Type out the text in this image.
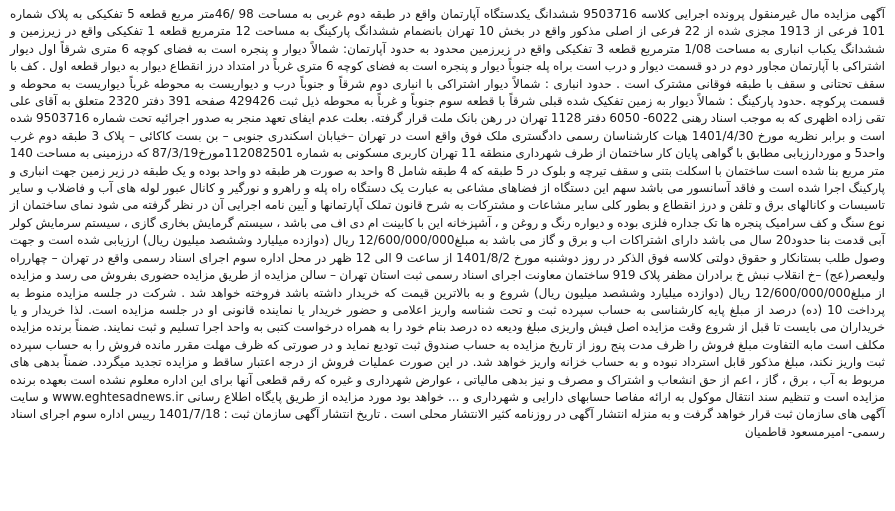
آگهی مزایده مال غیرمنقول پرونده اجرایی کلاسه 9503716 ششدانگ یکدستگاه آپارتمان واقع در طبقه دوم غربی به مساحت 98 /46متر مربع قطعه 5 تفکیکی به پلاک شماره 101 فرعی از 1913 مجزی شده از 22 فرعی از اصلی مذکور واقع در بخش 10 تهران بانضمام ششدانگ پارکینگ به مساحت 12 مترمربع قطعه 1 تفکیکی واقع در زیرزمین و ششدانگ یکباب انباری به مساحت 1/08 مترمربع قطعه 3 تفکیکی واقع در زیرزمین محدود به حدود آپارتمان: شمالاً دیوار و پنجره است به فضای کوچه 6 متری شرقاً اول دیوار اشتراکی با آپارتمان مجاور دوم در دو قسمت دیوار و درب است براه پله جنوباً دیوار و پنجره است به فضای کوچه 6 متری غرباً در امتداد درز انقطاع دیوار به دیوار قطعه اول . کف با سقف تحتانی و سقف با طبقه فوقانی مشترک است . حدود انباری : شمالاً دیوار اشتراکی با انباری دوم شرقاً و جنوباً درب و دیواریست به محوطه غرباً دیواریست به محوطه و قسمت پرکوچه .حدود پارکینگ : شمالاً دیوار به زمین تفکیک شده قبلی شرقاً با قطعه سوم جنوباً و غرباً به محوطه ذیل ثبت 429426 صفحه 391 دفتر 2320 متعلق به آقای علی تقی زاده اظهری که به موجب اسناد رهنی 6022- 6050 دفتر 1128 تهران در رهن بانک ملت قرار گرفته. بعلت عدم ایفای تعهد منجر به صدور اجرائیه تحت شماره 9503716 شده است و برابر نظریه مورخ 1401/4/30 هیات کارشناسان رسمی دادگستری ملک فوق واقع است در تهران –خیابان اسکندری جنوبی – بن بست کاکائی – پلاک 3 طبقه دوم غرب واحد5 و موردارزیابی مطابق با گواهی پایان کار ساختمان از طرف شهرداری منطقه 11 تهران کاربری مسکونی به شماره 112082501مورخ87/3/19 که درزمینی به مساحت 140 متر مربع بنا شده است ساختمان با اسکلت بتنی و سقف تیرچه و بلوک در 5 طبقه که 4 طبقه شامل 8 واحد به صورت هر طبقه دو واحد بوده و یک طبقه در زیر زمین جهت انباری و پارکینگ اجرا شده است و فاقد آسانسور می باشد سهم این دستگاه از فضاهای مشاعی به عبارت یک دستگاه راه پله و راهرو و نورگیر و کانال عبور لوله های آب و فاضلاب و سایر تاسیسات و کانالهای برق و تلفن و درز انقطاع و بطور کلی سایر مشاعات و مشترکات به شرح قانون تملک آپارتمانها و آیین نامه اجرایی آن در نظر گرفته می شود نمای ساختمان از نوع سنگ و کف سرامیک پنجره ها تک جداره فلزی بوده و دیواره رنگ و روغن و ، آشپزخانه این با کابینت ام دی اف می باشد ، سیستم گرمایش بخاری گازی ، سیستم سرمایش کولر آبی قدمت بنا حدود20 سال می باشد دارای اشتراکات اب و برق و گاز می باشد به مبلغ12/600/000/000 ریال (دوازده میلیارد وششصد میلیون ریال) ارزیابی شده است و جهت وصول طلب بستانکار و حقوق دولتی کلاسه فوق الذکر در روز دوشنبه مورخ 1401/8/2 از ساعت 9 الی 12 ظهر در محل اداره سوم اجرای اسناد رسمی واقع در تهران – چهارراه ولیعصر(عج) –خ انقلاب نبش خ برادران مظفر پلاک 919 ساختمان معاونت اجرای اسناد رسمی ثبت استان تهران – سالن مزایده از طریق مزایده حضوری بفروش می رسد و مزایده از مبلغ12/600/000/000 ریال (دوازده میلیارد وششصد میلیون ریال) شروع و به بالاترین قیمت که خریدار داشته باشد فروخته خواهد شد . شرکت در جلسه مزایده منوط به پرداخت 10 (ده) درصد از مبلغ پایه کارشناسی به حساب سپرده ثبت و تحت شناسه واریز اعلامی و حضور خریدار یا نماینده قانونی او در جلسه مزایده است. لذا خریدار و یا خریداران می بایست تا قبل از شروع وقت مزایده اصل فیش واریزی مبلغ ودیعه ده درصد بنام خود را به همراه درخواست کتبی به واحد اجرا تسلیم و ثبت نمایند. ضمناً برنده مزایده مکلف است مابه التفاوت مبلغ فروش را ظرف مدت پنج روز از تاریخ مزایده به حساب صندوق ثبت تودیع نماید و در صورتی که ظرف مهلت مقرر مانده فروش را به حساب سپرده ثبت واریز نکند، مبلغ مذکور قابل استرداد نبوده و به حساب خزانه واریز خواهد شد. در این صورت عملیات فروش از درجه اعتبار ساقط و مزایده تجدید میگردد. ضمناً بدهی های مربوط به آب ، برق ، گاز ، اعم از حق انشعاب و اشتراک و مصرف و نیز بدهی مالیاتی ، عوارض شهرداری و غیره که رقم قطعی آنها برای این اداره معلوم نشده است بعهده برنده مزایده است و تنظیم سند انتقال موکول به ارائه مفاصا حسابهای دارایی و شهرداری و ... خواهد بود مورد مزایده از طریق پایگاه اطلاع رسانی www.eghtesadnews.ir و سایت آگهی های سازمان ثبت قرار خواهد گرفت و به منزله انتشار آگهی در روزنامه کثیر الانتشار محلی است . تاریخ انتشار آگهی سازمان ثبت : 1401/7/18 رییس اداره سوم اجرای اسناد

رسمی- امیرمسعود قاطمیان
